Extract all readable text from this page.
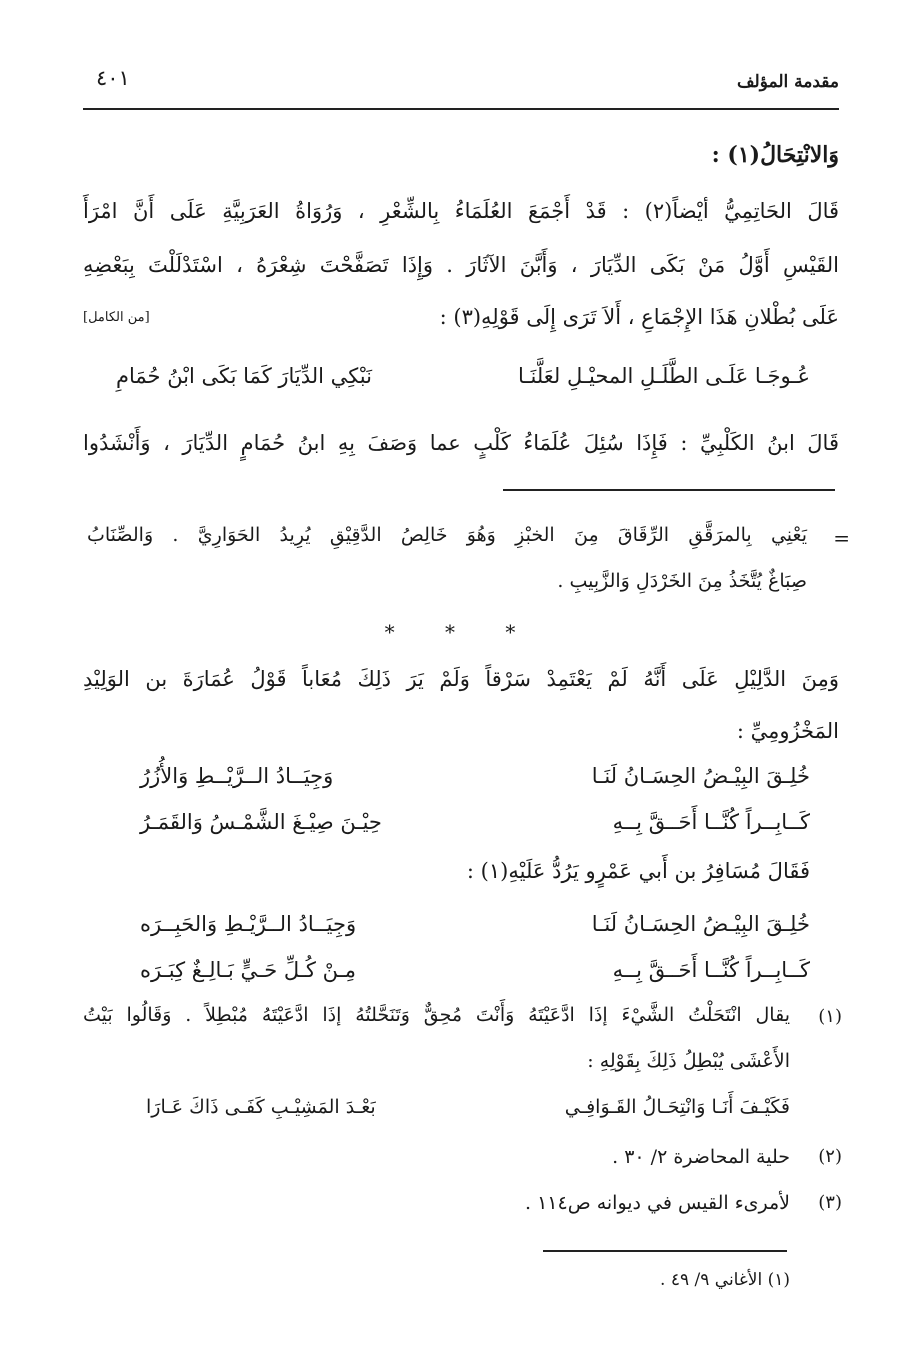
مقدمة المؤلف
٤٠١
وَالانْتِحَالُ(١) :
قَالَ الحَاتِمِيُّ أيْضاً(٢) : قَدْ أَجْمَعَ العُلَمَاءُ بِالشِّعْرِ ، وَرُوَاةُ العَرَبِيَّةِ عَلَى أَنَّ امْرَأَ
القَيْسِ أَوَّلُ مَنْ بَكَى الدِّيَارَ ، وَأَبَّنَ الآثَارَ . وَإِذَا تَصَفَّحْتَ شِعْرَهُ ، اسْتَدْلَلْتَ بِبَعْضِهِ
عَلَى بُطْلانِ هَذَا الإِجْمَاعِ ، أَلاَ تَرَى إِلَى قَوْلِهِ(٣) :
[من الكامل]
عُـوجَـا عَلَـى الطَّلَـلِ المحيْـلِ لعَلَّنَـا
نَبْكِي الدِّيَارَ كَمَا بَكَى ابْنُ حُمَامِ
قَالَ ابنُ الكَلْبِيِّ : فَإِذَا سُئِلَ عُلَمَاءُ كَلْبٍ عما وَصَفَ بِهِ ابنُ حُمَامٍ الدِّيَارَ ، وَأَنْشَدُوا
=
يَعْنِي بِالمرَقَّقِ الرِّقَاقَ مِنَ الخبْزِ وَهُوَ خَالِصُ الدَّقِيْقِ يُرِيدُ الحَوَارِيَّ . وَالصِّنَابُ
صِبَاغٌ يُتَّخَذُ مِنَ الخَرْدَلِ وَالزَّبِيبِ .
* * *
وَمِنَ الدَّلِيْلِ عَلَى أَنَّهُ لَمْ يَعْتَمِدْ سَرْقاً وَلَمْ يَرَ ذَلِكَ مُعَاباً قَوْلُ عُمَارَةَ بن الوَلِيْدِ
المَخْزُومِيِّ :
خُلِـقَ البِيْـضُ الحِسَـانُ لَنَـا
وَجِيَــادُ الــرَّيْــطِ وَالأُزُرُ
كَــابِــراً كُنَّــا أَحَــقَّ بِــهِ
حِيْـنَ صِيْـغَ الشَّمْـسُ وَالقَمَـرُ
فَقَالَ مُسَافِرُ بن أَبي عَمْرٍو يَرُدُّ عَلَيْهِ(١) :
خُلِـقَ البِيْـضُ الحِسَـانُ لَنَـا
وَجِيَــادُ الــرَّيْـطِ وَالحَبِــرَه
كَــابِــراً كُنَّــا أَحَــقَّ بِــهِ
مِـنْ كُـلِّ حَـيٍّ بَـالِـغٌ كِبَـرَه
(١)
يقال انْتَحَلْتُ الشَّيْءَ إذَا ادَّعَيْتَهُ وَأَنْتَ مُحِقٌّ وَتَنَحَّلتُهُ إذَا ادَّعَيْتَهُ مُبْطِلاً . وَقَالُوا بَيْتُ
الأَعْشَى يُبْطِلُ ذَلِكَ بِقَوْلِهِ :
فَكَيْـفَ أَنَـا وَانْتِحَـالُ القَـوَافِـي
بَعْـدَ المَشِيْـبِ كَفَـى ذَاكَ عَـارَا
(٢)
حلية المحاضرة ٢/ ٣٠ .
(٣)
لأمرىء القيس في ديوانه ص١١٤ .
(١) الأغاني ٩/ ٤٩ .
